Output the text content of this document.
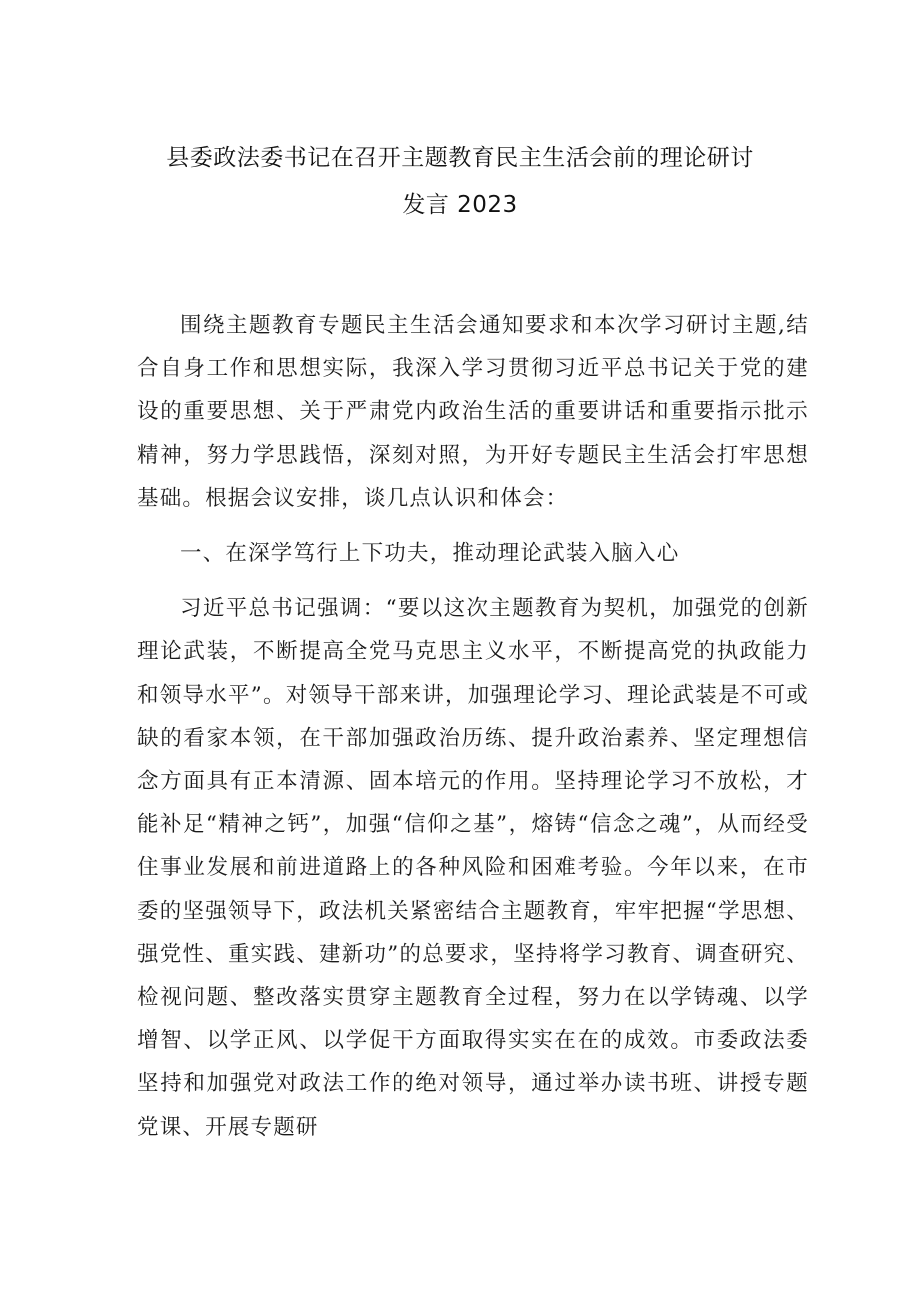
县委政法委书记在召开主题教育民主生活会前的理论研讨
发言 2023

围绕主题教育专题民主生活会通知要求和本次学习研讨主题,结合自身工作和思想实际，我深入学习贯彻习近平总书记关于党的建设的重要思想、关于严肃党内政治生活的重要讲话和重要指示批示精神，努力学思践悟，深刻对照，为开好专题民主生活会打牢思想基础。根据会议安排，谈几点认识和体会：

一、在深学笃行上下功夫，推动理论武装入脑入心

习近平总书记强调：“要以这次主题教育为契机，加强党的创新理论武装，不断提高全党马克思主义水平，不断提高党的执政能力和领导水平”。对领导干部来讲，加强理论学习、理论武装是不可或缺的看家本领，在干部加强政治历练、提升政治素养、坚定理想信念方面具有正本清源、固本培元的作用。坚持理论学习不放松，才能补足“精神之钙”，加强“信仰之基”，熔铸“信念之魂”，从而经受住事业发展和前进道路上的各种风险和困难考验。今年以来，在市委的坚强领导下，政法机关紧密结合主题教育，牢牢把握“学思想、强党性、重实践、建新功”的总要求，坚持将学习教育、调查研究、检视问题、整改落实贯穿主题教育全过程，努力在以学铸魂、以学增智、以学正风、以学促干方面取得实实在在的成效。市委政法委坚持和加强党对政法工作的绝对领导，通过举办读书班、讲授专题党课、开展专题研
